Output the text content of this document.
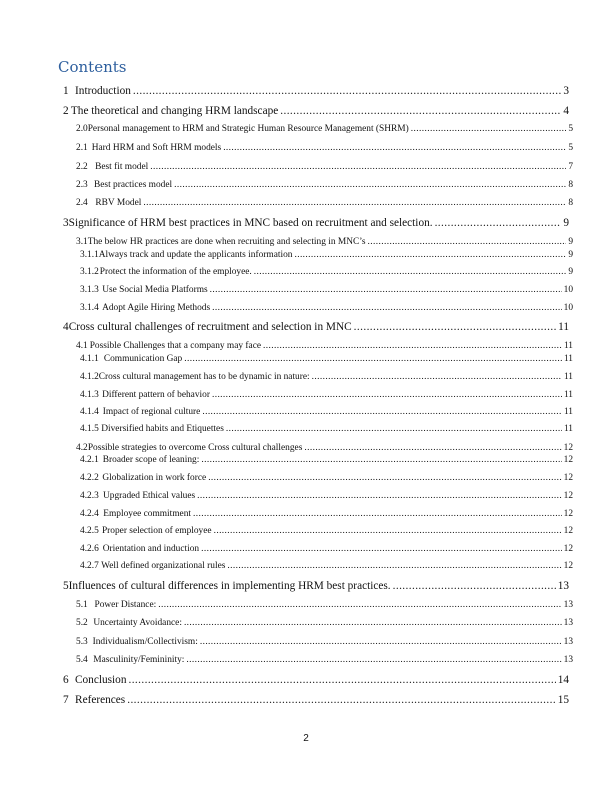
Contents
1 Introduction .....	3
2 The theoretical and changing HRM landscape .....	4
2.0 Personal management to HRM and Strategic Human Resource Management (SHRM) .....	5
2.1 Hard HRM and Soft HRM models .....	5
2.2 Best fit model .....	7
2.3 Best practices model .....	8
2.4 RBV Model .....	8
3 Significance of HRM best practices in MNC based on recruitment and selection. .....	9
3.1 The below HR practices are done when recruiting and selecting in MNC’s .....	9
3.1.1 Always track and update the applicants information .....	9
3.1.2 Protect the information of the employee. .....	9
3.1.3 Use Social Media Platforms .....	10
3.1.4 Adopt Agile Hiring Methods .....	10
4 Cross cultural challenges of recruitment and selection in MNC .....	11
4.1 Possible Challenges that a company may face .....	11
4.1.1 Communication Gap .....	11
4.1.2 Cross cultural management has to be dynamic in nature: .....	11
4.1.3 Different pattern of behavior .....	11
4.1.4 Impact of regional culture .....	11
4.1.5 Diversified habits and Etiquettes .....	11
4.2 Possible strategies to overcome Cross cultural challenges .....	12
4.2.1 Broader scope of leaning: .....	12
4.2.2 Globalization in work force .....	12
4.2.3 Upgraded Ethical values .....	12
4.2.4 Employee commitment .....	12
4.2.5 Proper selection of employee .....	12
4.2.6 Orientation and induction .....	12
4.2.7 Well defined organizational rules .....	12
5 Influences of cultural differences in implementing HRM best practices. .....	13
5.1 Power Distance: .....	13
5.2 Uncertainty Avoidance: .....	13
5.3 Individualism/Collectivism: .....	13
5.4 Masculinity/Femininity: .....	13
6 Conclusion .....	14
7 References .....	15
2
